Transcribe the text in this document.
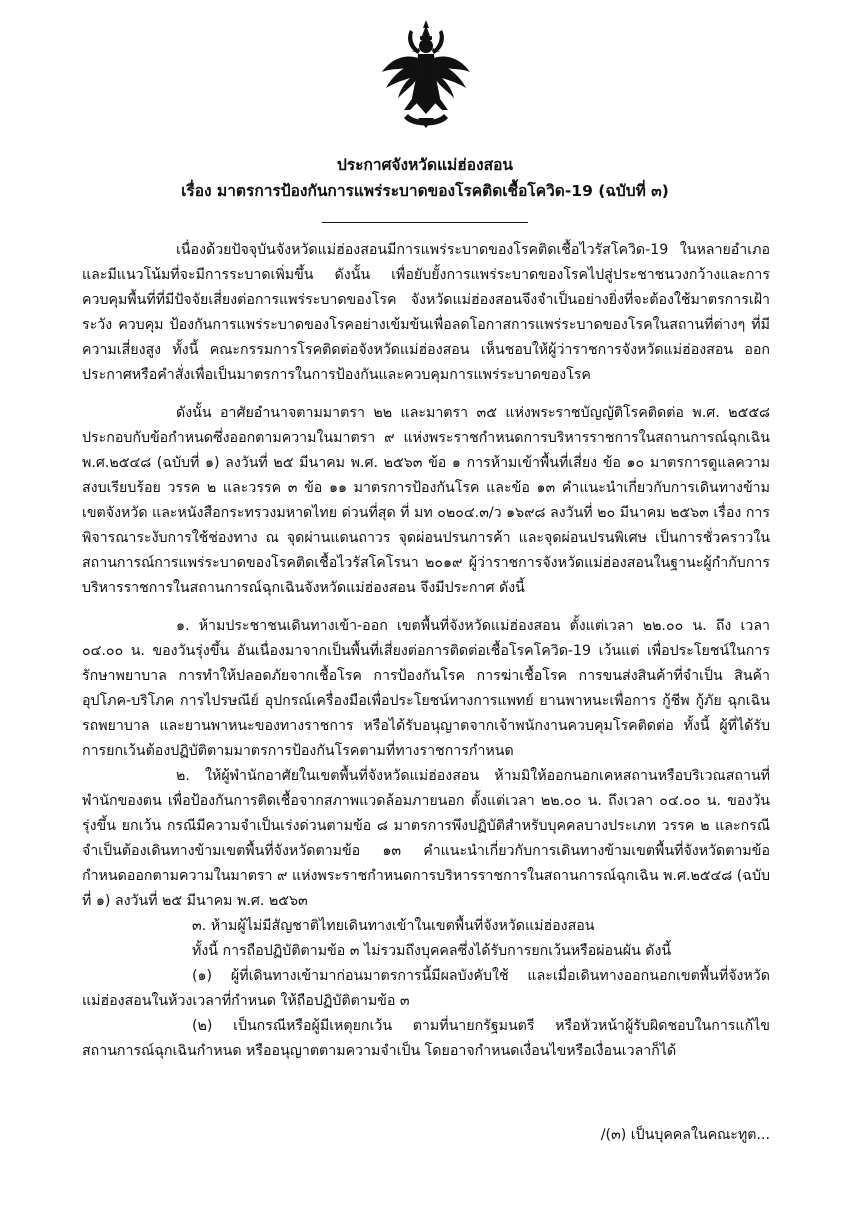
ประกาศจังหวัดแม่ฮ่องสอน
เรื่อง มาตรการป้องกันการแพร่ระบาดของโรคติดเชื้อโควิด-19 (ฉบับที่ ๓)

เนื่องด้วยปัจจุบันจังหวัดแม่ฮ่องสอนมีการแพร่ระบาดของโรคติดเชื้อไวรัสโควิด-19 ในหลายอำเภอ และมีแนวโน้มที่จะมีการระบาดเพิ่มขึ้น ดังนั้น เพื่อยับยั้งการแพร่ระบาดของโรคไปสู่ประชาชนวงกว้างและการควบคุมพื้นที่ที่มีปัจจัยเสี่ยงต่อการแพร่ระบาดของโรค จังหวัดแม่ฮ่องสอนจึงจำเป็นอย่างยิ่งที่จะต้องใช้มาตรการเฝ้าระวัง ควบคุม ป้องกันการแพร่ระบาดของโรคอย่างเข้มข้นเพื่อลดโอกาสการแพร่ระบาดของโรคในสถานที่ต่างๆ ที่มีความเสี่ยงสูง ทั้งนี้ คณะกรรมการโรคติดต่อจังหวัดแม่ฮ่องสอน เห็นชอบให้ผู้ว่าราชการจังหวัดแม่ฮ่องสอน ออกประกาศหรือคำสั่งเพื่อเป็นมาตรการในการป้องกันและควบคุมการแพร่ระบาดของโรค

ดังนั้น อาศัยอำนาจตามมาตรา ๒๒ และมาตรา ๓๕ แห่งพระราชบัญญัติโรคติดต่อ พ.ศ. ๒๕๕๘ ประกอบกับข้อกำหนดซึ่งออกตามความในมาตรา ๙ แห่งพระราชกำหนดการบริหารราชการในสถานการณ์ฉุกเฉิน พ.ศ.๒๕๔๘ (ฉบับที่ ๑) ลงวันที่ ๒๕ มีนาคม พ.ศ. ๒๕๖๓ ข้อ ๑ การห้ามเข้าพื้นที่เสี่ยง ข้อ ๑๐ มาตรการดูแลความสงบเรียบร้อย วรรค ๒ และวรรค ๓ ข้อ ๑๑ มาตรการป้องกันโรค และข้อ ๑๓ คำแนะนำเกี่ยวกับการเดินทางข้ามเขตจังหวัด และหนังสือกระทรวงมหาดไทย ด่วนที่สุด ที่ มท ๐๒๐๔.๓/ว ๑๖๙๘ ลงวันที่ ๒๐ มีนาคม ๒๕๖๓ เรื่อง การพิจารณาระงับการใช้ช่องทาง ณ จุดผ่านแดนถาวร จุดผ่อนปรนการค้า และจุดผ่อนปรนพิเศษ เป็นการชั่วคราวในสถานการณ์การแพร่ระบาดของโรคติดเชื้อไวรัสโคโรนา ๒๐๑๙ ผู้ว่าราชการจังหวัดแม่ฮ่องสอนในฐานะผู้กำกับการบริหารราชการในสถานการณ์ฉุกเฉินจังหวัดแม่ฮ่องสอน จึงมีประกาศ ดังนี้

๑. ห้ามประชาชนเดินทางเข้า-ออก เขตพื้นที่จังหวัดแม่ฮ่องสอน ตั้งแต่เวลา ๒๒.๐๐ น. ถึง เวลา ๐๔.๐๐ น. ของวันรุ่งขึ้น อันเนื่องมาจากเป็นพื้นที่เสี่ยงต่อการติดต่อเชื้อโรคโควิด-19 เว้นแต่ เพื่อประโยชน์ในการรักษาพยาบาล การทำให้ปลอดภัยจากเชื้อโรค การป้องกันโรค การฆ่าเชื้อโรค การขนส่งสินค้าที่จำเป็น สินค้าอุปโภค-บริโภค การไปรษณีย์ อุปกรณ์เครื่องมือเพื่อประโยชน์ทางการแพทย์ ยานพาหนะเพื่อการ กู้ชีพ กู้ภัย ฉุกเฉิน รถพยาบาล และยานพาหนะของทางราชการ หรือได้รับอนุญาตจากเจ้าพนักงานควบคุมโรคติดต่อ ทั้งนี้ ผู้ที่ได้รับการยกเว้นต้องปฏิบัติตามมาตรการป้องกันโรคตามที่ทางราชการกำหนด

๒. ให้ผู้พำนักอาศัยในเขตพื้นที่จังหวัดแม่ฮ่องสอน ห้ามมิให้ออกนอกเคหสถานหรือบริเวณสถานที่พำนักของตน เพื่อป้องกันการติดเชื้อจากสภาพแวดล้อมภายนอก ตั้งแต่เวลา ๒๒.๐๐ น. ถึงเวลา ๐๔.๐๐ น. ของวันรุ่งขึ้น ยกเว้น กรณีมีความจำเป็นเร่งด่วนตามข้อ ๘ มาตรการพึงปฏิบัติสำหรับบุคคลบางประเภท วรรค ๒ และกรณีจำเป็นต้องเดินทางข้ามเขตพื้นที่จังหวัดตามข้อ ๑๓ คำแนะนำเกี่ยวกับการเดินทางข้ามเขตพื้นที่จังหวัดตามข้อกำหนดออกตามความในมาตรา ๙ แห่งพระราชกำหนดการบริหารราชการในสถานการณ์ฉุกเฉิน พ.ศ.๒๕๔๘ (ฉบับที่ ๑) ลงวันที่ ๒๕ มีนาคม พ.ศ. ๒๕๖๓

๓. ห้ามผู้ไม่มีสัญชาติไทยเดินทางเข้าในเขตพื้นที่จังหวัดแม่ฮ่องสอน

ทั้งนี้ การถือปฏิบัติตามข้อ ๓ ไม่รวมถึงบุคคลซึ่งได้รับการยกเว้นหรือผ่อนผัน ดังนี้

(๑) ผู้ที่เดินทางเข้ามาก่อนมาตรการนี้มีผลบังคับใช้ และเมื่อเดินทางออกนอกเขตพื้นที่จังหวัดแม่ฮ่องสอนในห้วงเวลาที่กำหนด ให้ถือปฏิบัติตามข้อ ๓

(๒) เป็นกรณีหรือผู้มีเหตุยกเว้น ตามที่นายกรัฐมนตรี หรือหัวหน้าผู้รับผิดชอบในการแก้ไขสถานการณ์ฉุกเฉินกำหนด หรืออนุญาตตามความจำเป็น โดยอาจกำหนดเงื่อนไขหรือเงื่อนเวลาก็ได้

/(๓) เป็นบุคคลในคณะทูต...
